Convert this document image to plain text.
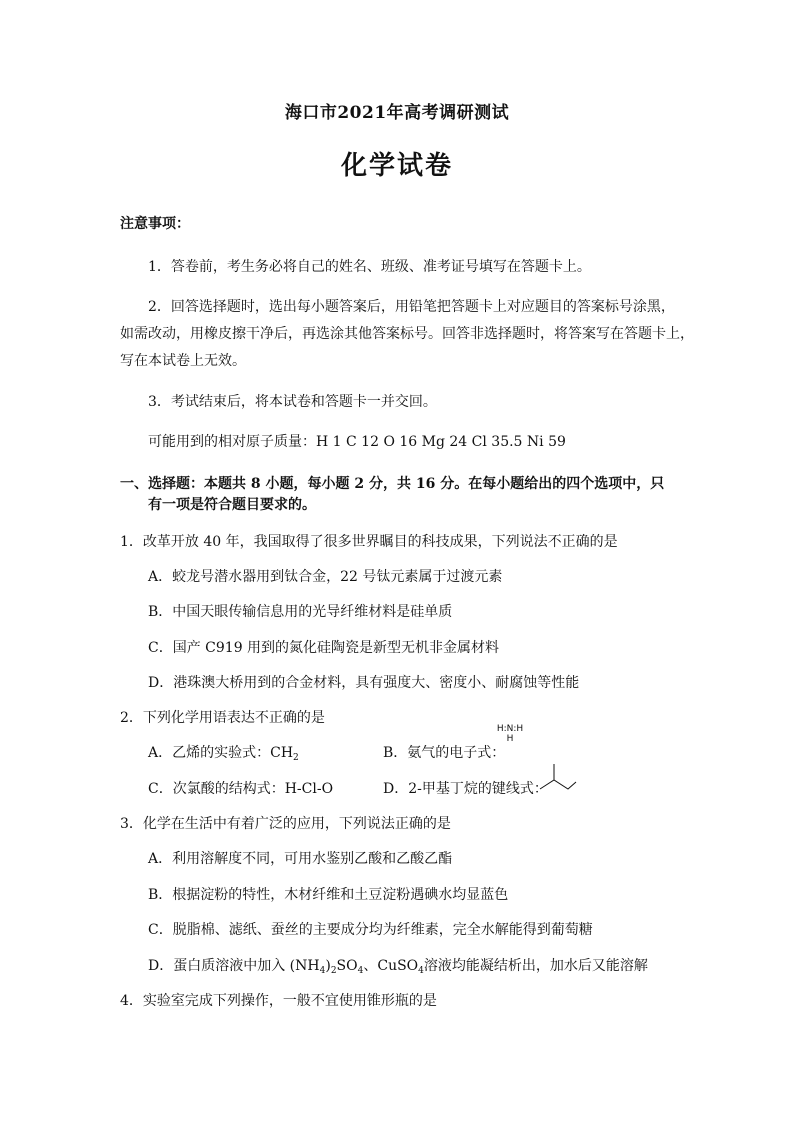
海口市2021年高考调研测试
化学试卷
注意事项：
1．答卷前，考生务必将自己的姓名、班级、准考证号填写在答题卡上。
2．回答选择题时，选出每小题答案后，用铅笔把答题卡上对应题目的答案标号涂黑，
如需改动，用橡皮擦干净后，再选涂其他答案标号。回答非选择题时，将答案写在答题卡上，
写在本试卷上无效。
3．考试结束后，将本试卷和答题卡一并交回。
可能用到的相对原子质量：H 1 C 12 O 16 Mg 24 Cl 35.5 Ni 59
一、选择题：本题共 8 小题，每小题 2 分，共 16 分。在每小题给出的四个选项中，只
有一项是符合题目要求的。
1．改革开放 40 年，我国取得了很多世界瞩目的科技成果，下列说法不正确的是
A．蛟龙号潜水器用到钛合金，22 号钛元素属于过渡元素
B．中国天眼传输信息用的光导纤维材料是硅单质
C．国产 C919 用到的氮化硅陶瓷是新型无机非金属材料
D．港珠澳大桥用到的合金材料，具有强度大、密度小、耐腐蚀等性能
2．下列化学用语表达不正确的是
A．乙烯的实验式：$CH_2$	B．氨气的电子式：
H:N:H
H
C．次氯酸的结构式：H-Cl-O	D．2-甲基丁烷的键线式：
3．化学在生活中有着广泛的应用，下列说法正确的是
A．利用溶解度不同，可用水鉴别乙酸和乙酸乙酯
B．根据淀粉的特性，木材纤维和土豆淀粉遇碘水均显蓝色
C．脱脂棉、滤纸、蚕丝的主要成分均为纤维素，完全水解能得到葡萄糖
D．蛋白质溶液中加入 $(NH_4)_2SO_4$、CuSO$_4$溶液均能凝结析出，加水后又能溶解
4．实验室完成下列操作，一般不宜使用锥形瓶的是
